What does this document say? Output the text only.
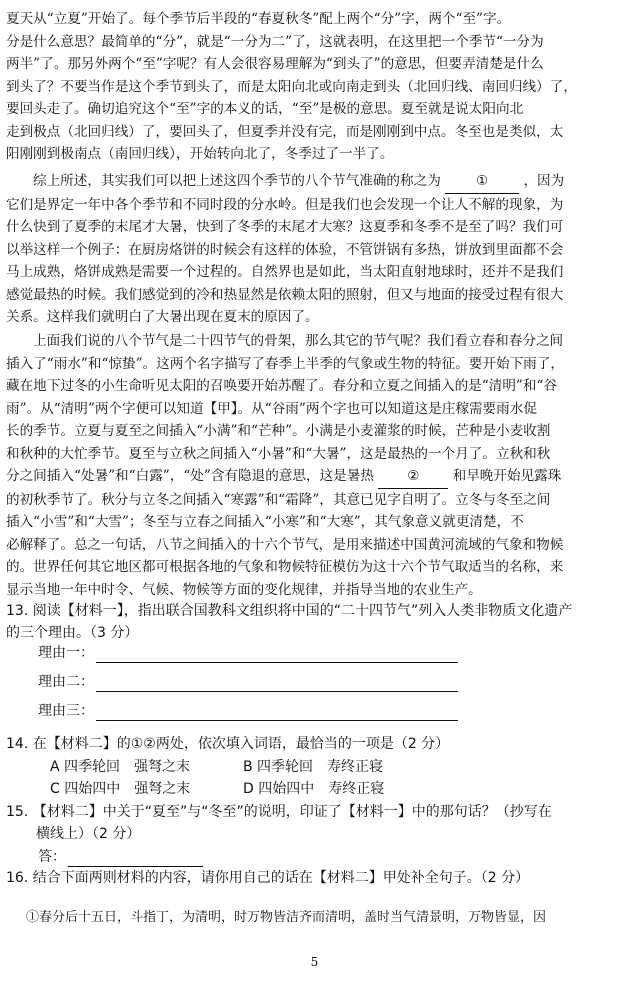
夏天从“立夏”开始了。每个季节后半段的“春夏秋冬”配上两个“分”字，两个“至”字。
分是什么意思？最简单的“分”，就是“一分为二”了，这就表明，在这里把一个季节“一分为
两半”了。那另外两个“至”字呢？有人会很容易理解为“到头了”的意思，但要弄清楚是什么
到头了？不要当作是这个季节到头了，而是太阳向北或向南走到头（北回归线、南回归线）了，
要回头走了。确切追究这个“至”字的本义的话，“至”是极的意思。夏至就是说太阳向北
走到极点（北回归线）了，要回头了，但夏季并没有完，而是刚刚到中点。冬至也是类似，太
阳刚刚到极南点（南回归线），开始转向北了，冬季过了一半了。
综上所述，其实我们可以把上述这四个季节的八个节气准确的称之为	①	，因为
它们是界定一年中各个季节和不同时段的分水岭。但是我们也会发现一个让人不解的现象，为
什么快到了夏季的末尾才大暑，快到了冬季的末尾才大寒？这夏季和冬季不是至了吗？我们可
以举这样一个例子：在厨房烙饼的时候会有这样的体验，不管饼锅有多热，饼放到里面都不会
马上成熟，烙饼成熟是需要一个过程的。自然界也是如此，当太阳直射地球时，还并不是我们
感觉最热的时候。我们感觉到的冷和热显然是依赖太阳的照射，但又与地面的接受过程有很大
关系。这样我们就明白了大暑出现在夏末的原因了。
上面我们说的八个节气是二十四节气的骨架，那么其它的节气呢？我们看立春和春分之间
插入了“雨水”和“惊蛰”。这两个名字描写了春季上半季的气象或生物的特征。要开始下雨了，
藏在地下过冬的小生命听见太阳的召唤要开始苏醒了。春分和立夏之间插入的是“清明”和“谷
雨”。从“清明”两个字便可以知道【甲】。从“谷雨”两个字也可以知道这是庄稼需要雨水促
长的季节。立夏与夏至之间插入“小满”和“芒种”。小满是小麦灌浆的时候，芒种是小麦收割
和秋种的大忙季节。夏至与立秋之间插入“小暑”和“大暑”，这是最热的一个月了。立秋和秋
分之间插入“处暑”和“白露”，“处”含有隐退的意思，这是暑热 ② 和早晚开始见露珠
的初秋季节了。秋分与立冬之间插入“寒露”和“霜降”，其意已见字自明了。立冬与冬至之间
插入“小雪”和“大雪”；冬至与立春之间插入“小寒”和“大寒”，其气象意义就更清楚，不
必解释了。总之一句话，八节之间插入的十六个节气，是用来描述中国黄河流域的气象和物候
的。世界任何其它地区都可根据各地的气象和物候特征模仿为这十六个节气取适当的名称，来
显示当地一年中时令、气候、物候等方面的变化规律，并指导当地的农业生产。
13. 阅读【材料一】，指出联合国教科文组织将中国的“二十四节气”列入人类非物质文化遗产
的三个理由。（3 分）
理由一：
理由二：
理由三：
14. 在【材料二】的①②两处，依次填入词语，最恰当的一项是（2 分）
A 四季轮回　强弩之末	B 四季轮回　寿终正寝
C 四始四中　强弩之末	D 四始四中　寿终正寝
15. 【材料二】中关于“夏至”与“冬至”的说明，印证了【材料一】中的那句话？（抄写在
横线上）（2 分）
答：
16. 结合下面两则材料的内容，请你用自己的话在【材料二】甲处补全句子。（2 分）
①春分后十五日，斗指丁，为清明，时万物皆洁齐而清明，盖时当气清景明，万物皆显，因
5
